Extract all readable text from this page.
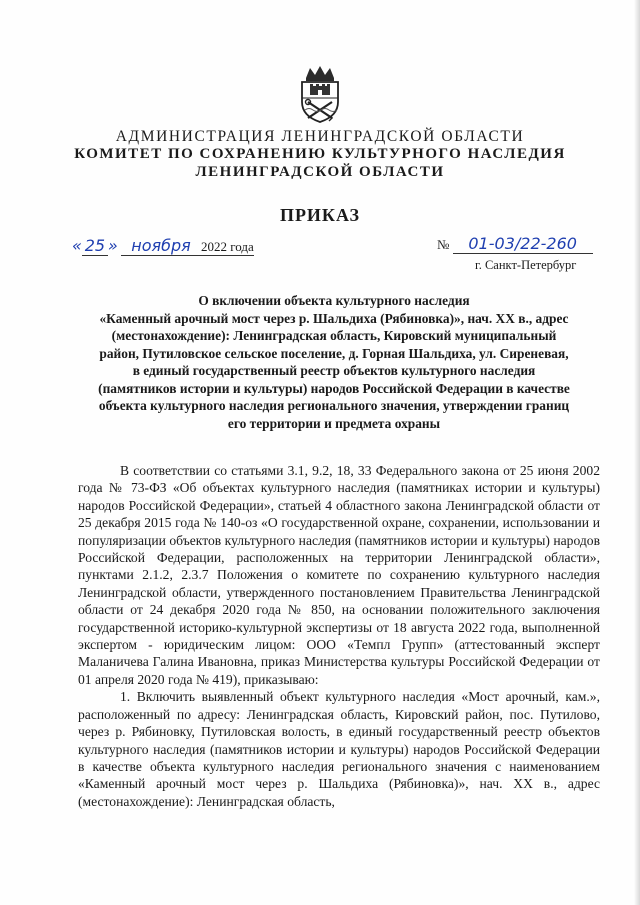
АДМИНИСТРАЦИЯ ЛЕНИНГРАДСКОЙ ОБЛАСТИ
КОМИТЕТ ПО СОХРАНЕНИЮ КУЛЬТУРНОГО НАСЛЕДИЯ
ЛЕНИНГРАДСКОЙ ОБЛАСТИ
ПРИКАЗ
« 25 » ноября 2022 года	№ 01-03/22-260
г. Санкт-Петербург
О включении объекта культурного наследия
«Каменный арочный мост через р. Шальдиха (Рябиновка)», нач. XX в., адрес
(местонахождение): Ленинградская область, Кировский муниципальный
район, Путиловское сельское поселение, д. Горная Шальдиха, ул. Сиреневая,
в единый государственный реестр объектов культурного наследия
(памятников истории и культуры) народов Российской Федерации в качестве
объекта культурного наследия регионального значения, утверждении границ
его территории и предмета охраны

В соответствии со статьями 3.1, 9.2, 18, 33 Федерального закона от 25 июня 2002 года № 73-ФЗ «Об объектах культурного наследия (памятниках истории и культуры) народов Российской Федерации», статьей 4 областного закона Ленинградской области от 25 декабря 2015 года № 140-оз «О государственной охране, сохранении, использовании и популяризации объектов культурного наследия (памятников истории и культуры) народов Российской Федерации, расположенных на территории Ленинградской области», пунктами 2.1.2, 2.3.7 Положения о комитете по сохранению культурного наследия Ленинградской области, утвержденного постановлением Правительства Ленинградской области от 24 декабря 2020 года № 850, на основании положительного заключения государственной историко-культурной экспертизы от 18 августа 2022 года, выполненной экспертом - юридическим лицом: ООО «Темпл Групп» (аттестованный эксперт Маланичева Галина Ивановна, приказ Министерства культуры Российской Федерации от 01 апреля 2020 года № 419), приказываю:

1. Включить выявленный объект культурного наследия «Мост арочный, кам.», расположенный по адресу: Ленинградская область, Кировский район, пос. Путилово, через р. Рябиновку, Путиловская волость, в единый государственный реестр объектов культурного наследия (памятников истории и культуры) народов Российской Федерации в качестве объекта культурного наследия регионального значения с наименованием «Каменный арочный мост через р. Шальдиха (Рябиновка)», нач. XX в., адрес (местонахождение): Ленинградская область,
